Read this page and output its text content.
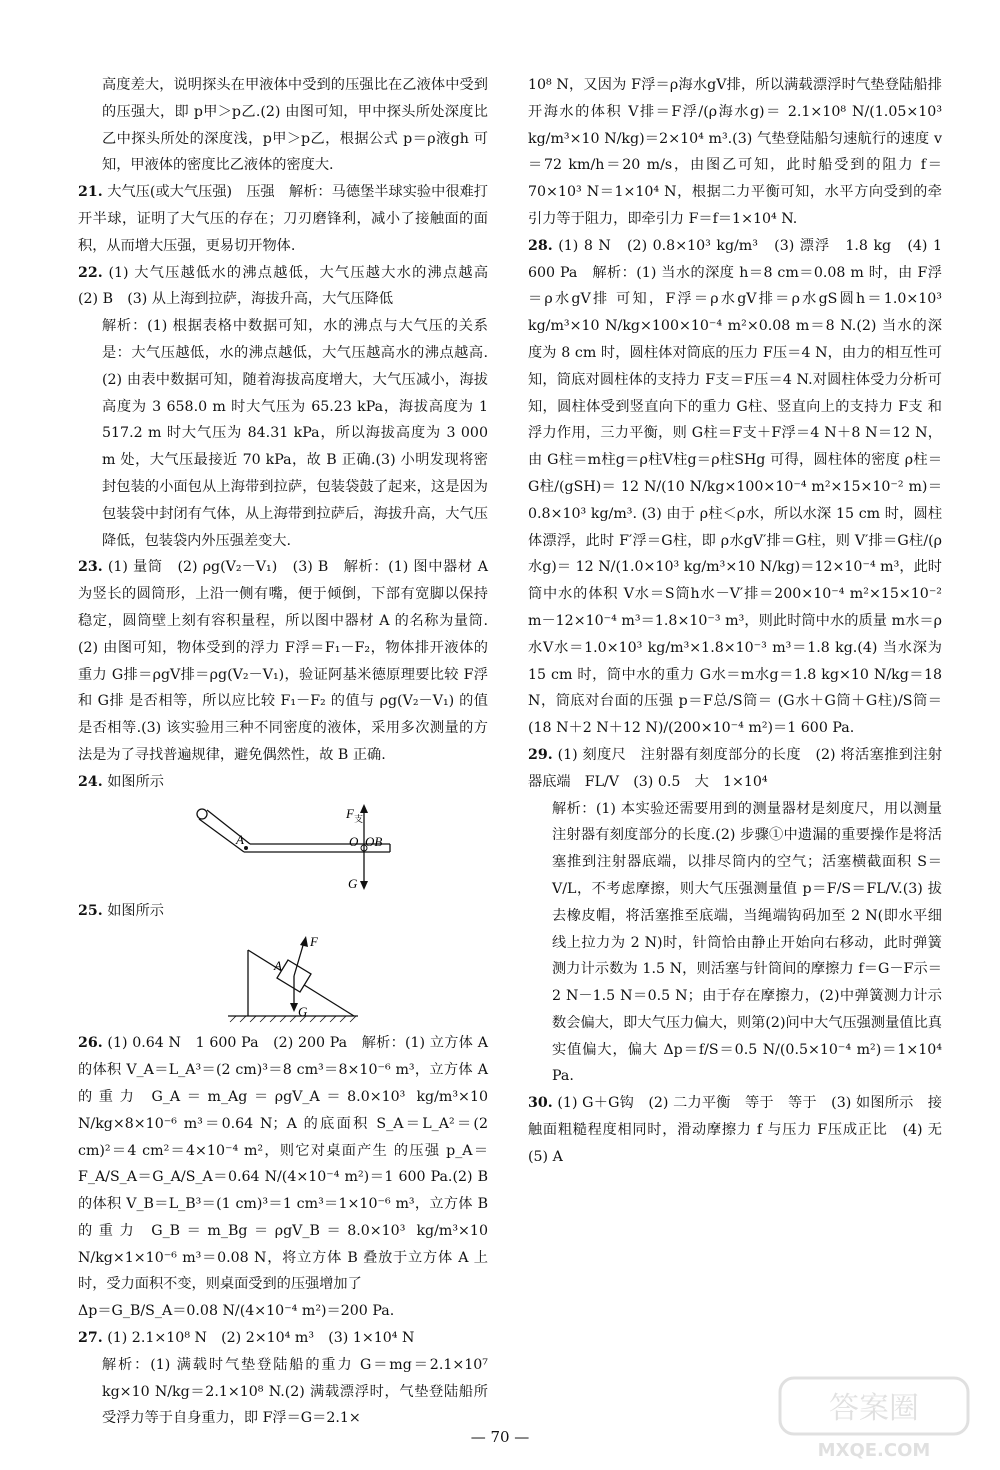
高度差大，说明探头在甲液体中受到的压强比在乙液体中受到的压强大，即 p甲＞p乙.(2) 由图可知，甲中探头所处深度比乙中探头所处的深度浅，p甲＞p乙，根据公式 p＝ρ液gh 可知，甲液体的密度比乙液体的密度大.
21. 大气压(或大气压强)　压强　解析：马德堡半球实验中很难打开半球，证明了大气压的存在；刀刃磨锋利，减小了接触面的面积，从而增大压强，更易切开物体.
22. (1) 大气压越低水的沸点越低，大气压越大水的沸点越高　(2) B　(3) 从上海到拉萨，海拔升高，大气压降低
解析：(1) 根据表格中数据可知，水的沸点与大气压的关系是：大气压越低，水的沸点越低，大气压越高水的沸点越高.(2) 由表中数据可知，随着海拔高度增大，大气压减小，海拔高度为 3 658.0 m 时大气压为 65.23 kPa，海拔高度为 1 517.2 m 时大气压为 84.31 kPa，所以海拔高度为 3 000 m 处，大气压最接近 70 kPa，故 B 正确.(3) 小明发现将密封包装的小面包从上海带到拉萨，包装袋鼓了起来，这是因为包装袋中封闭有气体，从上海带到拉萨后，海拔升高，大气压降低，包装袋内外压强差变大.
23. (1) 量筒　(2) ρg(V₂－V₁)　(3) B　解析：(1) 图中器材 A 为竖长的圆筒形，上沿一侧有嘴，便于倾倒，下部有宽脚以保持稳定，圆筒壁上刻有容积量程，所以图中器材 A 的名称为量筒.(2) 由图可知，物体受到的浮力 F浮＝F₁－F₂，物体排开液体的重力 G排＝ρgV排＝ρg(V₂－V₁)，验证阿基米德原理要比较 F浮 和 G排 是否相等，所以应比较 F₁－F₂ 的值与 ρg(V₂－V₁) 的值是否相等.(3) 该实验用三种不同密度的液体，采用多次测量的方法是为了寻找普遍规律，避免偶然性，故 B 正确.
24. 如图所示
A
F 支
O OB
G
25. 如图所示
A
F
G
26. (1) 0.64 N　1 600 Pa　(2) 200 Pa　解析：(1) 立方体 A 的体积 V_A＝L_A³＝(2 cm)³＝8 cm³＝8×10⁻⁶ m³，立方体 A 的重力 G_A＝m_Ag＝ρgV_A＝8.0×10³ kg/m³×10 N/kg×8×10⁻⁶ m³＝0.64 N；A 的底面积 S_A＝L_A²＝(2 cm)²＝4 cm²＝4×10⁻⁴ m²，则它对桌面产生 的压强 p_A＝F_A/S_A＝G_A/S_A＝0.64 N/(4×10⁻⁴ m²)＝1 600 Pa.(2) B 的体积 V_B＝L_B³＝(1 cm)³＝1 cm³＝1×10⁻⁶ m³，立方体 B 的重力 G_B＝m_Bg＝ρgV_B＝8.0×10³ kg/m³×10 N/kg×1×10⁻⁶ m³＝0.08 N，将立方体 B 叠放于立方体 A 上时，受力面积不变，则桌面受到的压强增加了
Δp＝G_B/S_A＝0.08 N/(4×10⁻⁴ m²)＝200 Pa.
27. (1) 2.1×10⁸ N　(2) 2×10⁴ m³　(3) 1×10⁴ N
解析：(1) 满载时气垫登陆船的重力 G＝mg＝2.1×10⁷ kg×10 N/kg＝2.1×10⁸ N.(2) 满载漂浮时，气垫登陆船所受浮力等于自身重力，即 F浮＝G＝2.1×
10⁸ N，又因为 F浮＝ρ海水gV排，所以满载漂浮时气垫登陆船排开海水的体积 V排＝F浮/(ρ海水g)＝ 2.1×10⁸ N/(1.05×10³ kg/m³×10 N/kg)＝2×10⁴ m³.(3) 气垫登陆船匀速航行的速度 v＝72 km/h＝20 m/s，由图乙可知，此时船受到的阻力 f＝70×10³ N＝1×10⁴ N，根据二力平衡可知，水平方向受到的牵引力等于阻力，即牵引力 F＝f＝1×10⁴ N.
28. (1) 8 N　(2) 0.8×10³ kg/m³　(3) 漂浮　1.8 kg　(4) 1 600 Pa　解析：(1) 当水的深度 h＝8 cm＝0.08 m 时，由 F浮＝ρ水gV排 可知，F浮＝ρ水gV排＝ρ水gS圆h＝1.0×10³ kg/m³×10 N/kg×100×10⁻⁴ m²×0.08 m＝8 N.(2) 当水的深度为 8 cm 时，圆柱体对筒底的压力 F压＝4 N，由力的相互性可知，筒底对圆柱体的支持力 F支＝F压＝4 N.对圆柱体受力分析可知，圆柱体受到竖直向下的重力 G柱、竖直向上的支持力 F支 和浮力作用，三力平衡，则 G柱＝F支＋F浮＝4 N＋8 N＝12 N，由 G柱＝m柱g＝ρ柱V柱g＝ρ柱SHg 可得，圆柱体的密度 ρ柱＝G柱/(gSH)＝ 12 N/(10 N/kg×100×10⁻⁴ m²×15×10⁻² m)＝0.8×10³ kg/m³. (3) 由于 ρ柱＜ρ水，所以水深 15 cm 时，圆柱体漂浮，此时 F′浮＝G柱，即 ρ水gV′排＝G柱，则 V′排＝G柱/(ρ水g)＝ 12 N/(1.0×10³ kg/m³×10 N/kg)＝12×10⁻⁴ m³，此时筒中水的体积 V水＝S筒h水－V′排＝200×10⁻⁴ m²×15×10⁻² m－12×10⁻⁴ m³＝1.8×10⁻³ m³，则此时筒中水的质量 m水＝ρ水V水＝1.0×10³ kg/m³×1.8×10⁻³ m³＝1.8 kg.(4) 当水深为 15 cm 时，筒中水的重力 G水＝m水g＝1.8 kg×10 N/kg＝18 N，筒底对台面的压强 p＝F总/S筒＝ (G水＋G筒＋G柱)/S筒＝(18 N＋2 N＋12 N)/(200×10⁻⁴ m²)＝1 600 Pa.
29. (1) 刻度尺　注射器有刻度部分的长度　(2) 将活塞推到注射器底端　FL/V　(3) 0.5　大　1×10⁴
解析：(1) 本实验还需要用到的测量器材是刻度尺，用以测量注射器有刻度部分的长度.(2) 步骤①中遗漏的重要操作是将活塞推到注射器底端，以排尽筒内的空气；活塞横截面积 S＝V/L，不考虑摩擦，则大气压强测量值 p＝F/S＝FL/V.(3) 拔去橡皮帽，将活塞推至底端，当绳端钩码加至 2 N(即水平细线上拉力为 2 N)时，针筒恰由静止开始向右移动，此时弹簧测力计示数为 1.5 N，则活塞与针筒间的摩擦力 f＝G－F示＝2 N－1.5 N＝0.5 N；由于存在摩擦力，(2)中弹簧测力计示数会偏大，即大气压力偏大，则第(2)问中大气压强测量值比真实值偏大，偏大 Δp＝f/S＝0.5 N/(0.5×10⁻⁴ m²)＝1×10⁴ Pa.
30. (1) G＋G钩　(2) 二力平衡　等于　等于　(3) 如图所示　接触面粗糙程度相同时，滑动摩擦力 f 与压力 F压成正比　(4) 无　(5) A
— 70 —
答案圈
MXQE.COM
